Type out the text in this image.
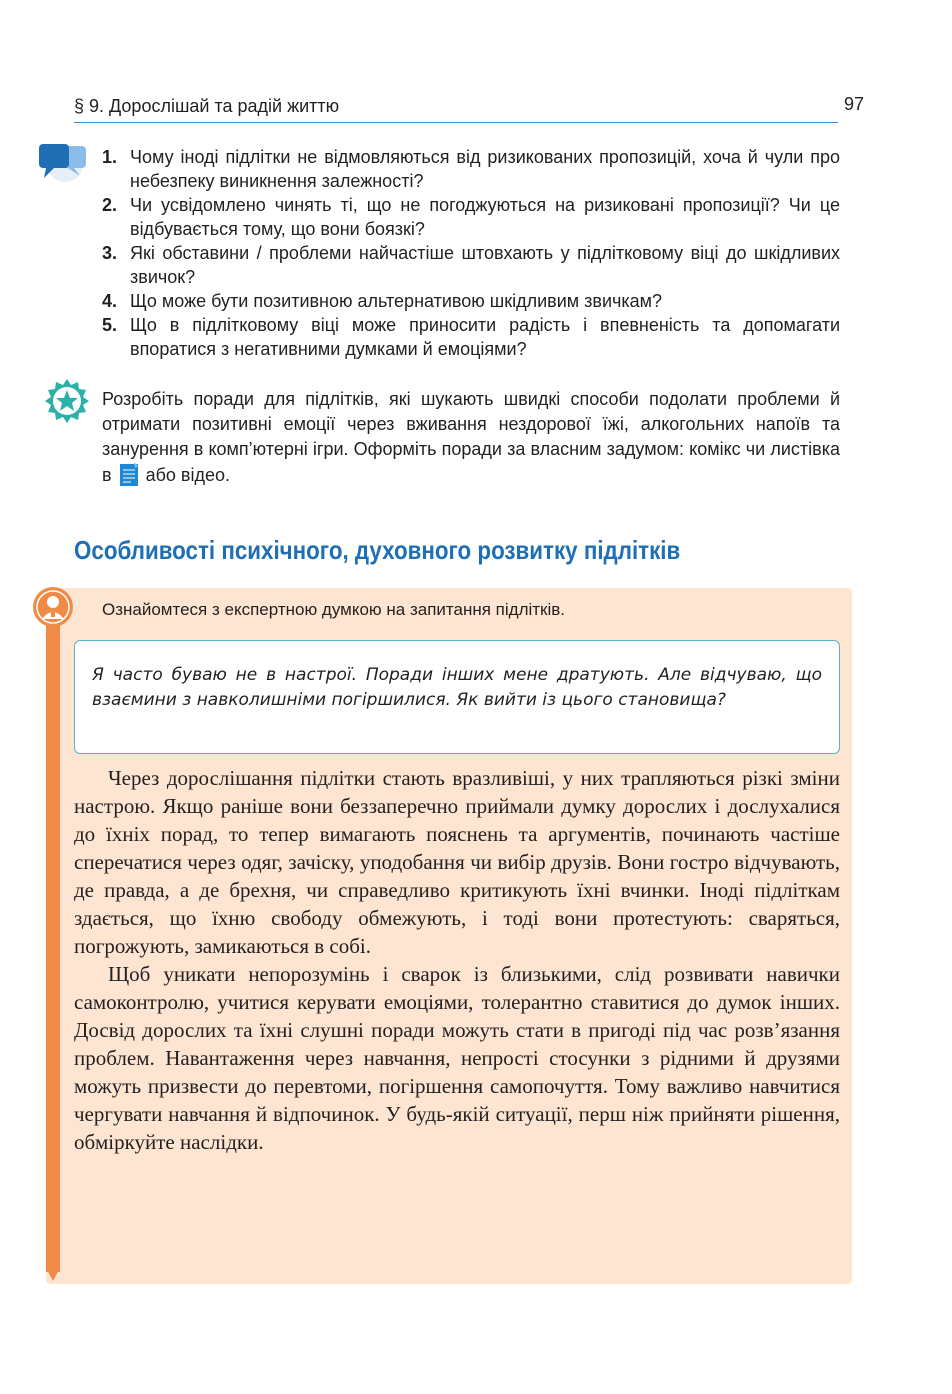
§ 9. Дорослішай та радій життю	97
1. Чому іноді підлітки не відмовляються від ризикованих пропозицій, хоча й чули про небезпеку виникнення залежності?
2. Чи усвідомлено чинять ті, що не погоджуються на ризиковані пропозиції? Чи це відбувається тому, що вони боязкі?
3. Які обставини / проблеми найчастіше штовхають у підлітковому віці до шкідливих звичок?
4. Що може бути позитивною альтернативою шкідливим звичкам?
5. Що в підлітковому віці може приносити радість і впевненість та допомагати впоратися з негативними думками й емоціями?
Розробіть поради для підлітків, які шукають швидкі способи подолати проблеми й отримати позитивні емоції через вживання нездорової їжі, алкогольних напоїв та занурення в комп’ютерні ігри. Оформіть поради за власним задумом: комікс чи листівка в або відео.
Особливості психічного, духовного розвитку підлітків
Ознайомтеся з експертною думкою на запитання підлітків.
Я часто буваю не в настрої. Поради інших мене дратують. Але відчуваю, що взаємини з навколишніми погіршилися. Як вийти із цього становища?

Через дорослішання підлітки стають вразливіші, у них трапляються різкі зміни настрою. Якщо раніше вони беззаперечно приймали думку дорослих і дослухалися до їхніх порад, то тепер вимагають пояснень та аргументів, починають частіше сперечатися через одяг, зачіску, уподобання чи вибір друзів. Вони гостро відчувають, де правда, а де брехня, чи справедливо критикують їхні вчинки. Іноді підліткам здається, що їхню свободу обмежують, і тоді вони протестують: сваряться, погрожують, замикаються в собі.

Щоб уникати непорозумінь і сварок із близькими, слід розвивати навички самоконтролю, учитися керувати емоціями, толерантно ставитися до думок інших. Досвід дорослих та їхні слушні поради можуть стати в пригоді під час розв’язання проблем. Навантаження через навчання, непрості стосунки з рідними й друзями можуть призвести до перевтоми, погіршення самопочуття. Тому важливо навчитися чергувати навчання й відпочинок. У будь-якій ситуації, перш ніж прийняти рішення, обміркуйте наслідки.
